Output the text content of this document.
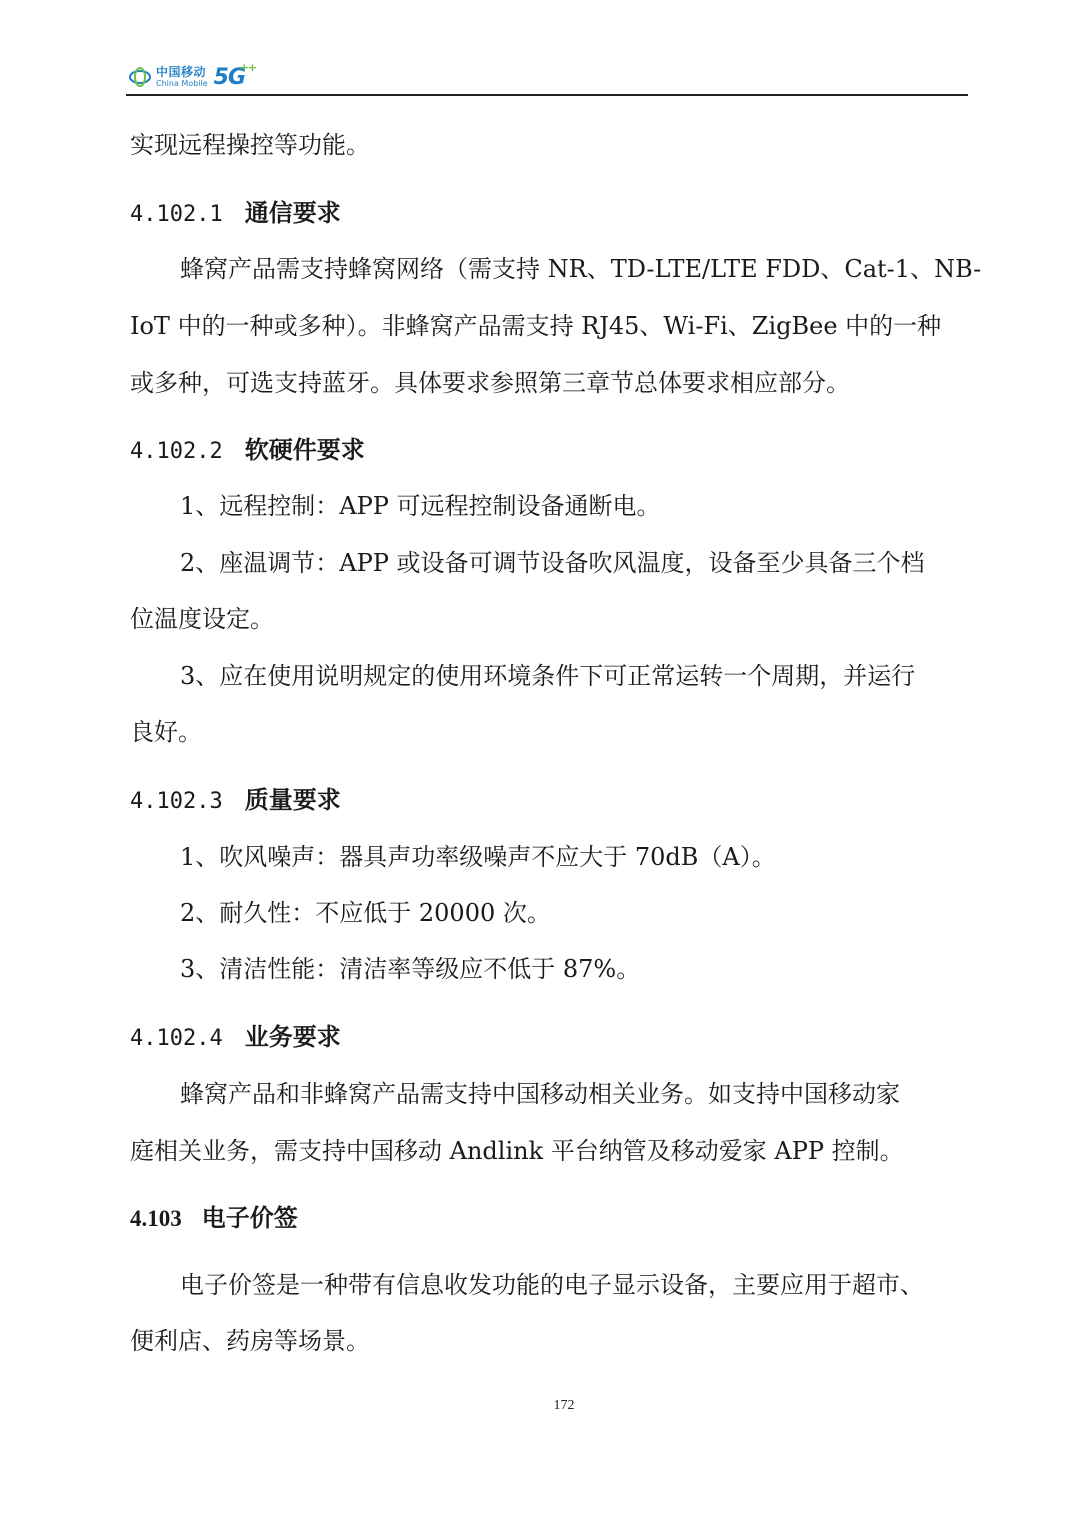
中国移动
China Mobile 5G
++
实现远程操控等功能。
4.102.1 通信要求
蜂窝产品需支持蜂窝网络（需支持 NR、TD-LTE/LTE FDD、Cat-1、NB-
IoT 中的一种或多种）。非蜂窝产品需支持 RJ45、Wi-Fi、ZigBee 中的一种
或多种，可选支持蓝牙。具体要求参照第三章节总体要求相应部分。
4.102.2 软硬件要求
1、远程控制：APP 可远程控制设备通断电。
2、座温调节：APP 或设备可调节设备吹风温度，设备至少具备三个档
位温度设定。
3、应在使用说明规定的使用环境条件下可正常运转一个周期，并运行
良好。
4.102.3 质量要求
1、吹风噪声：器具声功率级噪声不应大于 70dB（A）。
2、耐久性：不应低于 20000 次。
3、清洁性能：清洁率等级应不低于 87%。
4.102.4 业务要求
蜂窝产品和非蜂窝产品需支持中国移动相关业务。如支持中国移动家
庭相关业务，需支持中国移动 Andlink 平台纳管及移动爱家 APP 控制。
4.103 电子价签
电子价签是一种带有信息收发功能的电子显示设备，主要应用于超市、
便利店、药房等场景。
172
